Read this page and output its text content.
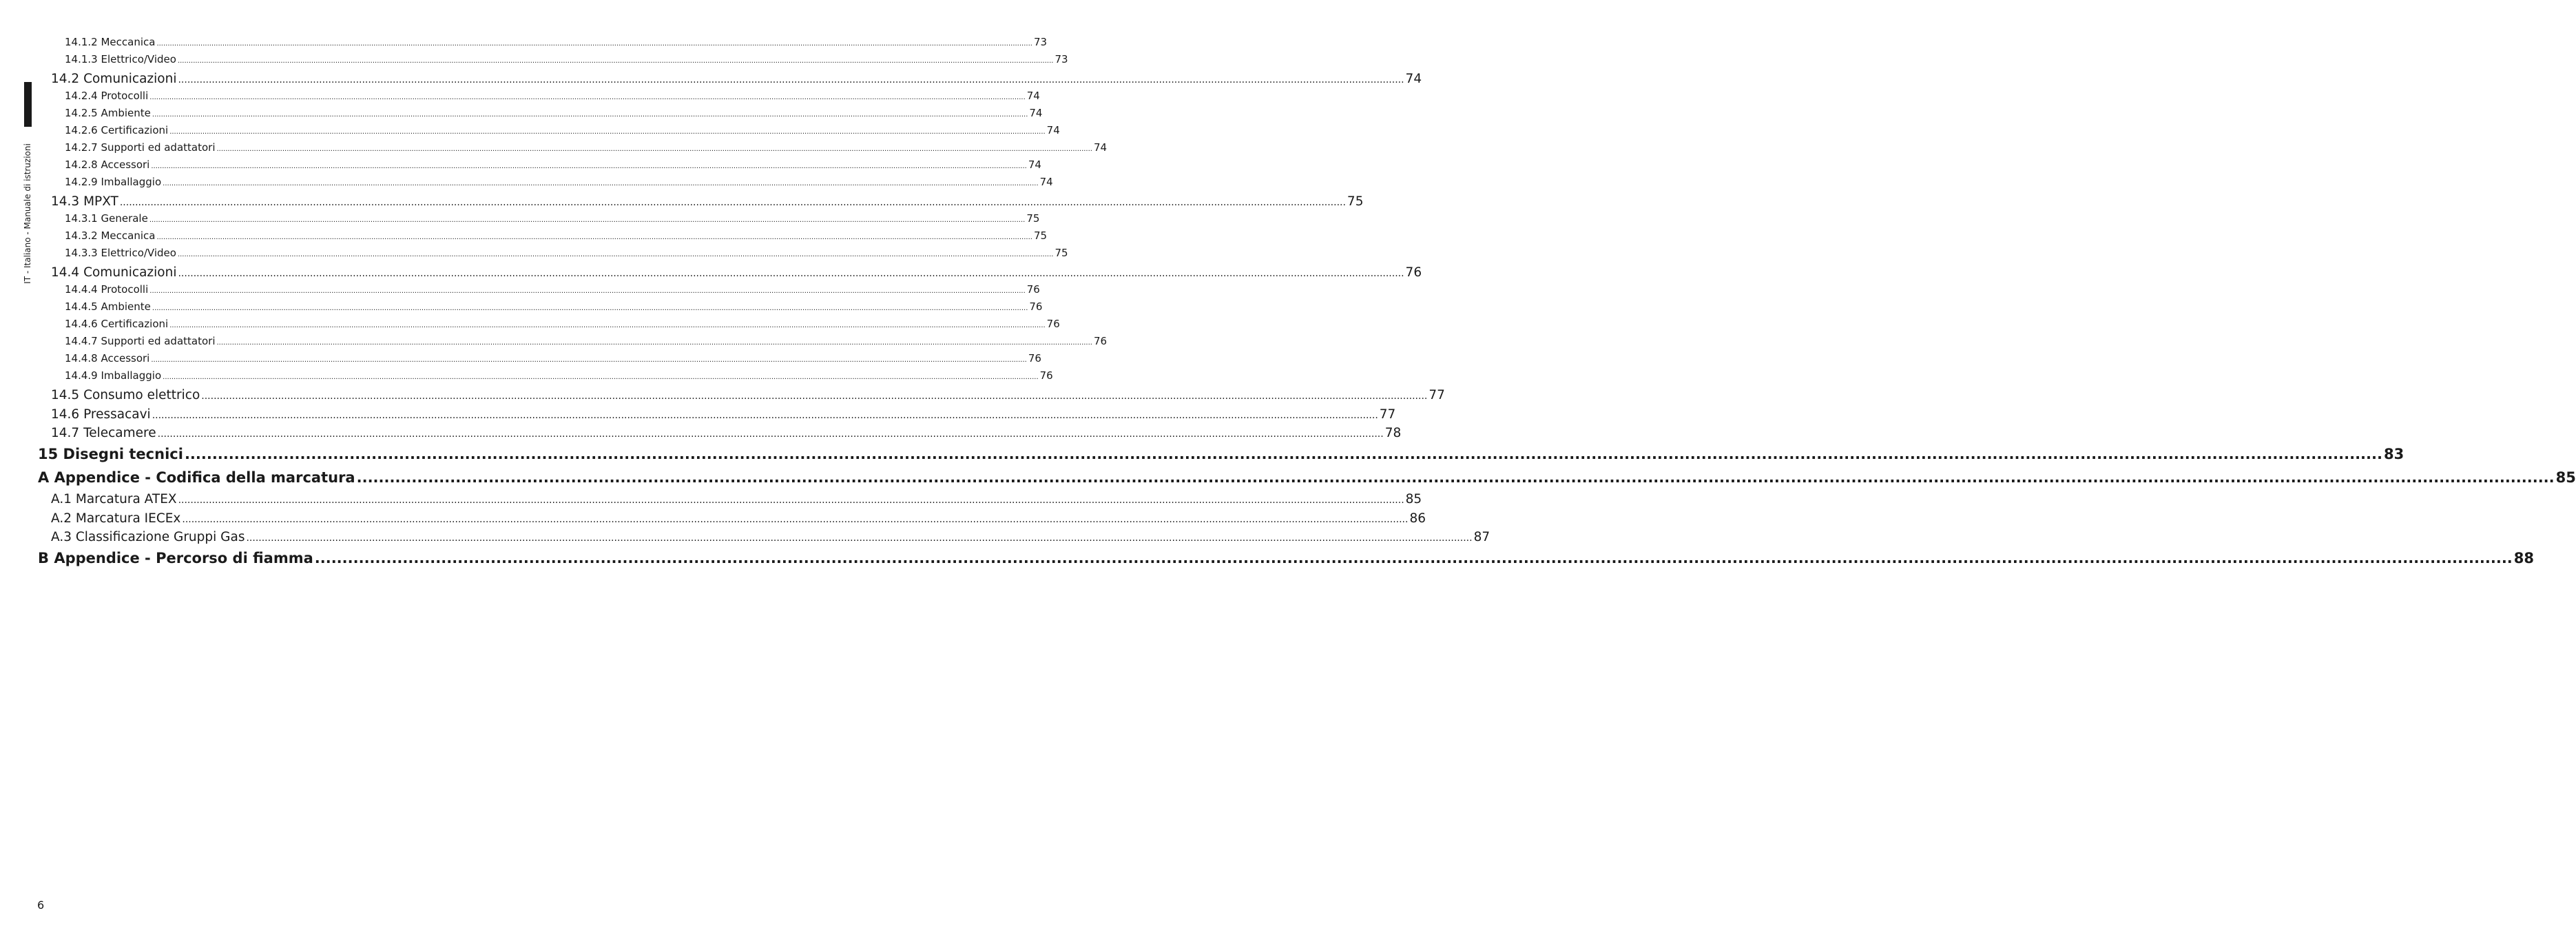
IT - Italiano - Manuale di istruzioni
14.1.2 Meccanica ................................................................................................................................................................................................................................................................................................................................................................................................................ 73
14.1.3 Elettrico/Video ................................................................................................................................................................................................................................................................................................................................................................................................................ 73
14.2 Comunicazioni ................................................................................................................................................................................................................................................................................................................................................................................................................ 74
14.2.4 Protocolli ................................................................................................................................................................................................................................................................................................................................................................................................................ 74
14.2.5 Ambiente ................................................................................................................................................................................................................................................................................................................................................................................................................ 74
14.2.6 Certificazioni ................................................................................................................................................................................................................................................................................................................................................................................................................ 74
14.2.7 Supporti ed adattatori ................................................................................................................................................................................................................................................................................................................................................................................................................ 74
14.2.8 Accessori ................................................................................................................................................................................................................................................................................................................................................................................................................ 74
14.2.9 Imballaggio ................................................................................................................................................................................................................................................................................................................................................................................................................ 74
14.3 MPXT ................................................................................................................................................................................................................................................................................................................................................................................................................ 75
14.3.1 Generale ................................................................................................................................................................................................................................................................................................................................................................................................................ 75
14.3.2 Meccanica ................................................................................................................................................................................................................................................................................................................................................................................................................ 75
14.3.3 Elettrico/Video ................................................................................................................................................................................................................................................................................................................................................................................................................ 75
14.4 Comunicazioni ................................................................................................................................................................................................................................................................................................................................................................................................................ 76
14.4.4 Protocolli ................................................................................................................................................................................................................................................................................................................................................................................................................ 76
14.4.5 Ambiente ................................................................................................................................................................................................................................................................................................................................................................................................................ 76
14.4.6 Certificazioni ................................................................................................................................................................................................................................................................................................................................................................................................................ 76
14.4.7 Supporti ed adattatori ................................................................................................................................................................................................................................................................................................................................................................................................................ 76
14.4.8 Accessori ................................................................................................................................................................................................................................................................................................................................................................................................................ 76
14.4.9 Imballaggio ................................................................................................................................................................................................................................................................................................................................................................................................................ 76
14.5 Consumo elettrico ................................................................................................................................................................................................................................................................................................................................................................................................................ 77
14.6 Pressacavi ................................................................................................................................................................................................................................................................................................................................................................................................................ 77
14.7 Telecamere ................................................................................................................................................................................................................................................................................................................................................................................................................ 78
15 Disegni tecnici ................................................................................................................................................................................................................................................................................................................................................................................................................ 83
A Appendice - Codifica della marcatura ................................................................................................................................................................................................................................................................................................................................................................................................................ 85
A.1 Marcatura ATEX ................................................................................................................................................................................................................................................................................................................................................................................................................ 85
A.2 Marcatura IECEx ................................................................................................................................................................................................................................................................................................................................................................................................................ 86
A.3 Classificazione Gruppi Gas ................................................................................................................................................................................................................................................................................................................................................................................................................ 87
B Appendice - Percorso di fiamma ................................................................................................................................................................................................................................................................................................................................................................................................................ 88
6
